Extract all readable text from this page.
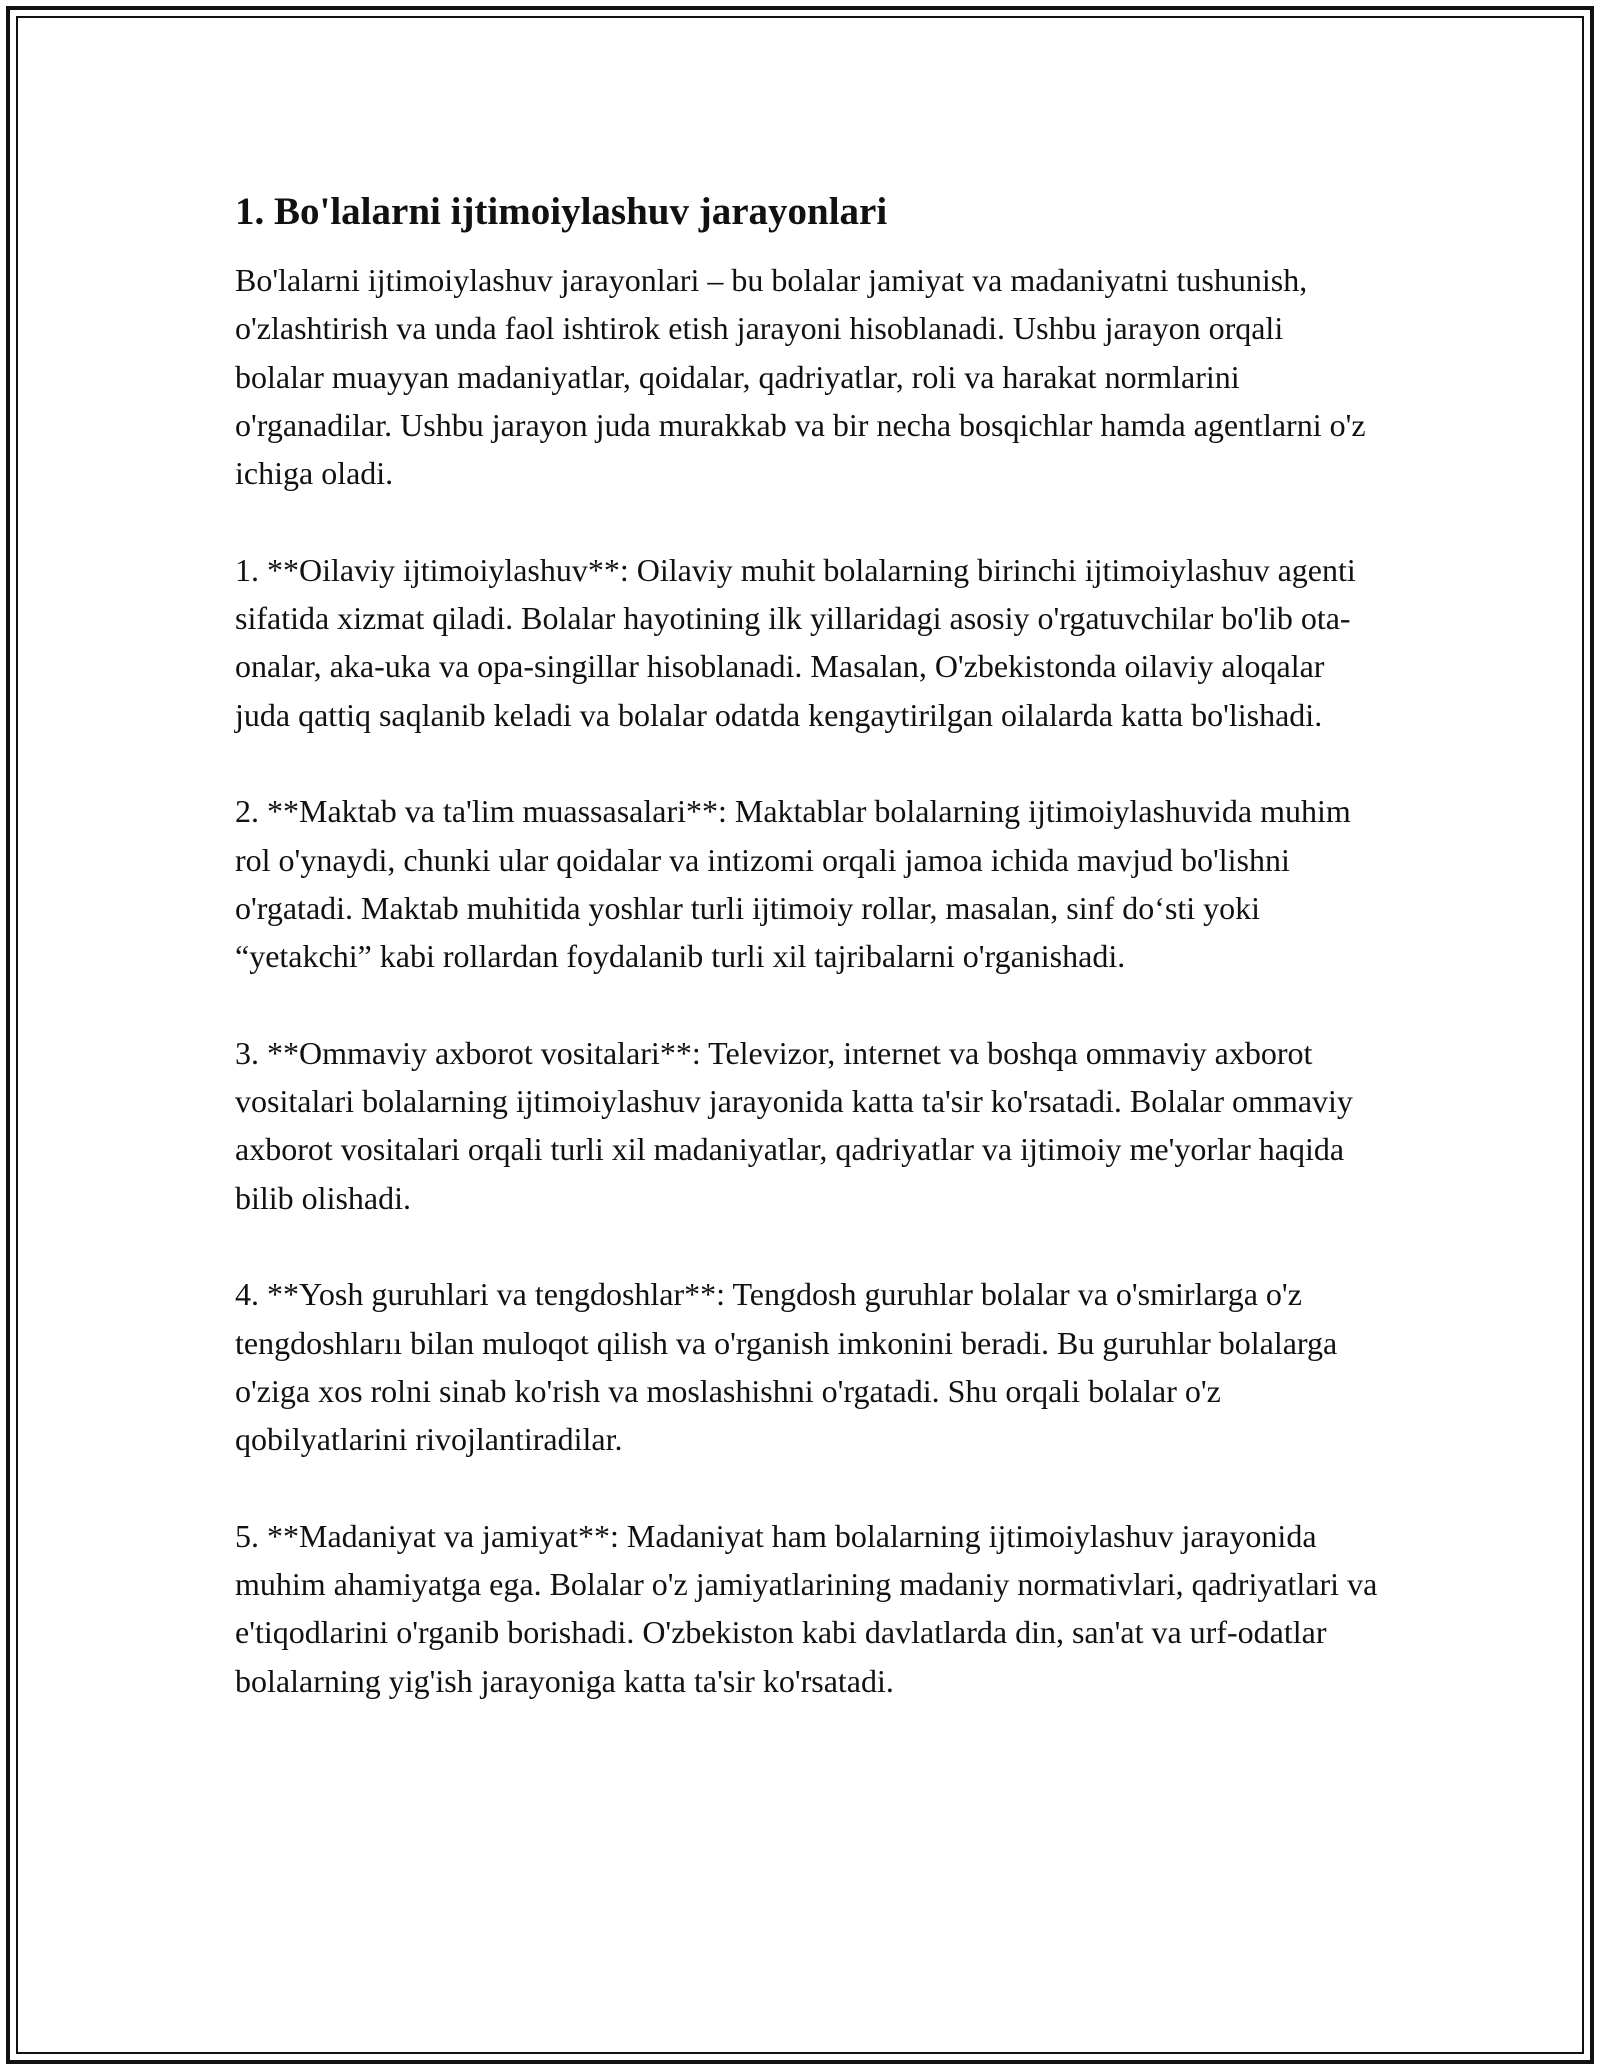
1. Bo'lalarni ijtimoiylashuv jarayonlari

Bo'lalarni ijtimoiylashuv jarayonlari – bu bolalar jamiyat va madaniyatni tushunish, o'zlashtirish va unda faol ishtirok etish jarayoni hisoblanadi. Ushbu jarayon orqali bolalar muayyan madaniyatlar, qoidalar, qadriyatlar, roli va harakat normlarini o'rganadilar. Ushbu jarayon juda murakkab va bir necha bosqichlar hamda agentlarni o'z ichiga oladi.

1. **Oilaviy ijtimoiylashuv**: Oilaviy muhit bolalarning birinchi ijtimoiylashuv agenti sifatida xizmat qiladi. Bolalar hayotining ilk yillaridagi asosiy o'rgatuvchilar bo'lib ota-onalar, aka-uka va opa-singillar hisoblanadi. Masalan, O'zbekistonda oilaviy aloqalar juda qattiq saqlanib keladi va bolalar odatda kengaytirilgan oilalarda katta bo'lishadi.

2. **Maktab va ta'lim muassasalari**: Maktablar bolalarning ijtimoiylashuvida muhim rol o'ynaydi, chunki ular qoidalar va intizomi orqali jamoa ichida mavjud bo'lishni o'rgatadi. Maktab muhitida yoshlar turli ijtimoiy rollar, masalan, sinf do‘sti yoki “yetakchi” kabi rollardan foydalanib turli xil tajribalarni o'rganishadi.

3. **Ommaviy axborot vositalari**: Televizor, internet va boshqa ommaviy axborot vositalari bolalarning ijtimoiylashuv jarayonida katta ta'sir ko'rsatadi. Bolalar ommaviy axborot vositalari orqali turli xil madaniyatlar, qadriyatlar va ijtimoiy me'yorlar haqida bilib olishadi.

4. **Yosh guruhlari va tengdoshlar**: Tengdosh guruhlar bolalar va o'smirlarga o'z tengdoshlarıı bilan muloqot qilish va o'rganish imkonini beradi. Bu guruhlar bolalarga o'ziga xos rolni sinab ko'rish va moslashishni o'rgatadi. Shu orqali bolalar o'z qobilyatlarini rivojlantiradilar.

5. **Madaniyat va jamiyat**: Madaniyat ham bolalarning ijtimoiylashuv jarayonida muhim ahamiyatga ega. Bolalar o'z jamiyatlarining madaniy normativlari, qadriyatlari va e'tiqodlarini o'rganib borishadi. O'zbekiston kabi davlatlarda din, san'at va urf-odatlar bolalarning yig'ish jarayoniga katta ta'sir ko'rsatadi.
